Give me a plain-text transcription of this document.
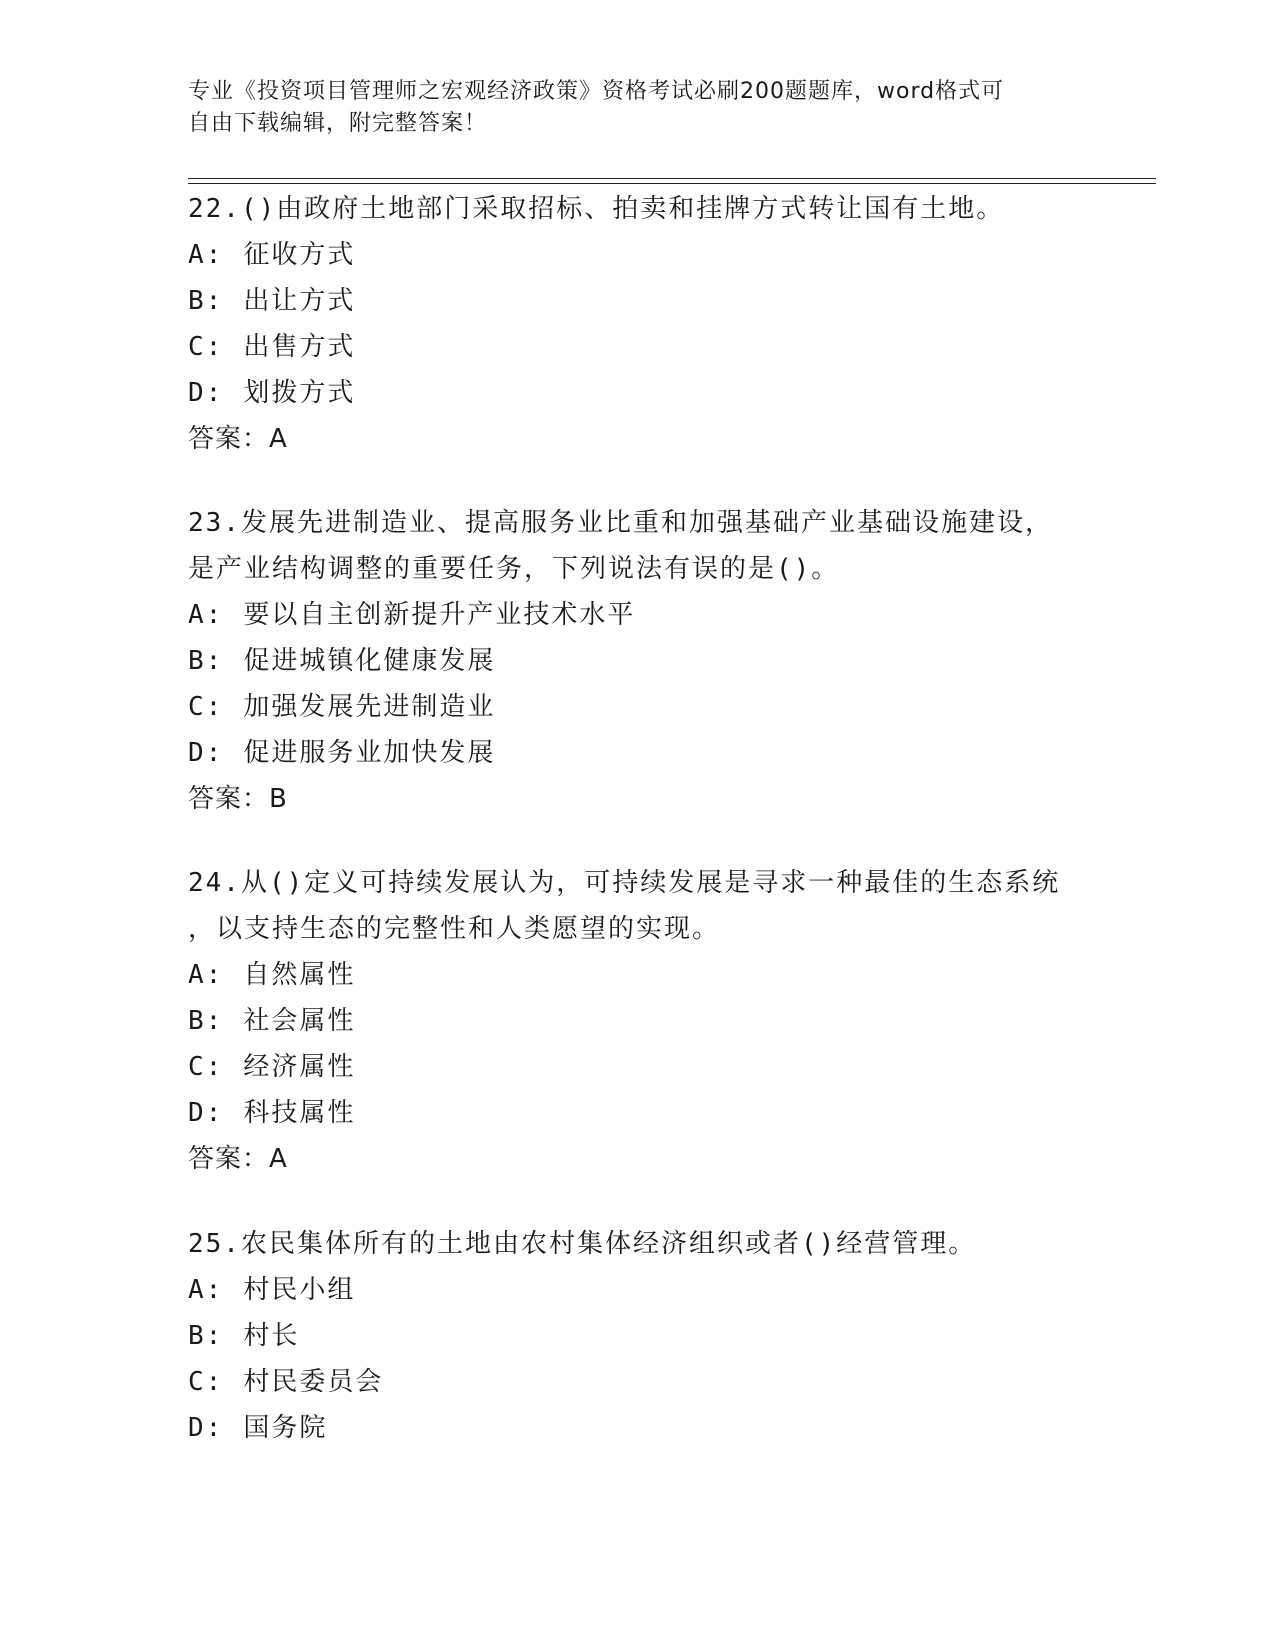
专业《投资项目管理师之宏观经济政策》资格考试必刷200题题库，word格式可
自由下载编辑，附完整答案！
22.()由政府土地部门采取招标、拍卖和挂牌方式转让国有土地。
A: 征收方式
B: 出让方式
C: 出售方式
D: 划拨方式
答案：A
23.发展先进制造业、提高服务业比重和加强基础产业基础设施建设，
是产业结构调整的重要任务，下列说法有误的是()。
A: 要以自主创新提升产业技术水平
B: 促进城镇化健康发展
C: 加强发展先进制造业
D: 促进服务业加快发展
答案：B
24.从()定义可持续发展认为，可持续发展是寻求一种最佳的生态系统
，以支持生态的完整性和人类愿望的实现。
A: 自然属性
B: 社会属性
C: 经济属性
D: 科技属性
答案：A
25.农民集体所有的土地由农村集体经济组织或者()经营管理。
A: 村民小组
B: 村长
C: 村民委员会
D: 国务院
